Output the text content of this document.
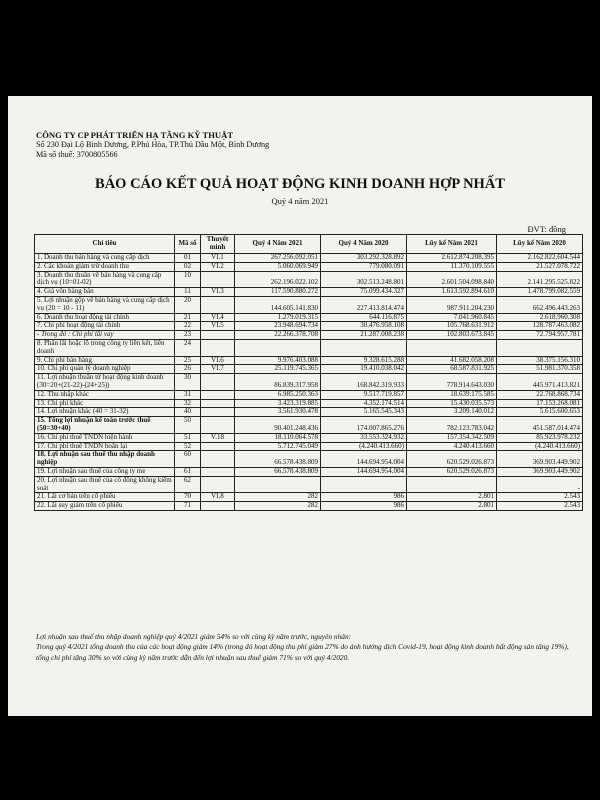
CÔNG TY CP PHÁT TRIỂN HẠ TẦNG KỸ THUẬT
Số 230 Đại Lộ Bình Dương, P.Phú Hòa, TP.Thủ Dầu Một, Bình Dương
Mã số thuế: 3700805566
BÁO CÁO KẾT QUẢ HOẠT ĐỘNG KINH DOANH HỢP NHẤT
Quý 4 năm 2021
ĐVT: đồng
Chỉ tiêu	Mã số	Thuyết minh	Quý 4 Năm 2021	Quý 4 Năm 2020	Lũy kế Năm 2021	Lũy kế Năm 2020
1. Doanh thu bán hàng và cung cấp dịch	01	VI.1	267.256.092.051	303.292.328.892	2.612.874.208.395	2.162.822.604.544
2. Các khoản giảm trừ doanh thu	02	VI.2	5.060.069.949	779.080.091	11.370.109.555	21.527.078.722
3. Doanh thu thuần về bán hàng và cung cấp dịch vụ (10=01-02)	10		262.196.022.102	302.513.248.801	2.601.504.098.840	2.141.295.525.822
4. Giá vốn hàng bán	11	VI.3	117.590.880.272	75.099.434.327	1.613.592.894.610	1.478.799.082.559
5. Lợi nhuận gộp về bán hàng và cung cấp dịch vụ (20 = 10 - 11)	20		144.605.141.830	227.413.814.474	987.911.204.230	662.496.443.263
6. Doanh thu hoạt động tài chính	21	VI.4	1.279.019.315	644.116.875	7.041.960.845	2.618.960.308
7. Chi phí hoạt động tài chính	22	VI.5	23.948.694.734	30.476.958.108	105.768.631.912	128.787.463.082
- Trong đó : Chi phí lãi vay	23		22.266.378.708	21.287.008.238	102.803.673.845	72.794.957.781
8. Phần lãi hoặc lỗ trong công ty liên kết, liên doanh	24					
9. Chi phí bán hàng	25	VI.6	9.976.403.088	9.328.615.288	41.682.058.208	38.375.156.310
10. Chi phí quản lý doanh nghiệp	26	VI.7	25.119.745.365	19.410.038.042	68.587.831.925	51.981.370.358
11. Lợi nhuận thuần từ hoạt động kinh doanh (30=20+(21-22)-(24+25))	30		86.839.317.958	168.842.319.933	778.914.643.030	445.971.413.821
12. Thu nhập khác	31		6.985.250.363	9.517.719.857	18.639.175.585	22.768.868.734
13. Chi phí khác	32		3.423.319.885	4.352.174.514	15.430.035.573	17.153.268.081
14. Lợi nhuận khác (40 = 31-32)	40		3.561.930.478	5.165.545.343	3.209.140.012	5.615.600.653
15. Tổng lợi nhuận kế toán trước thuế (50=30+40)	50		90.401.248.436	174.007.865.276	782.123.783.042	451.587.014.474
16. Chi phí thuế TNDN hiện hành	51	V.18	18.110.064.578	33.553.324.932	157.354.342.509	85.923.978.232
17. Chi phí thuế TNDN hoãn lại	52		5.712.745.049	(4.240.413.660)	4.240.413.660	(4.240.413.660)
18. Lợi nhuận sau thuế thu nhập doanh nghiệp	60		66.578.438.809	144.694.954.004	620.529.026.873	369.903.449.902
19. Lợi nhuận sau thuế của công ty mẹ	61		66.578.438.809	144.694.954.004	620.529.026.873	369.903.449.902
20. Lợi nhuận sau thuế của cổ đông không kiểm soát	62					-
21. Lãi cơ bản trên cổ phiếu	70	VI.8	282	986	2.801	2.543
22. Lãi suy giảm trên cổ phiếu	71		282	986	2.801	2.543
Lợi nhuận sau thuế thu nhập doanh nghiệp quý 4/2021 giảm 54% so với cùng kỳ năm trước, nguyên nhân:
Trong quý 4/2021 tổng doanh thu của các hoạt động giảm 14% (trong đó hoạt động thu phí giảm 27% do ảnh hưởng dịch Covid-19, hoạt động kinh doanh bất động sản tăng 19%), tổng chi phí tăng 30% so với cùng kỳ năm trước dẫn đến lợi nhuận sau thuế giảm 71% so với quý 4/2020.
